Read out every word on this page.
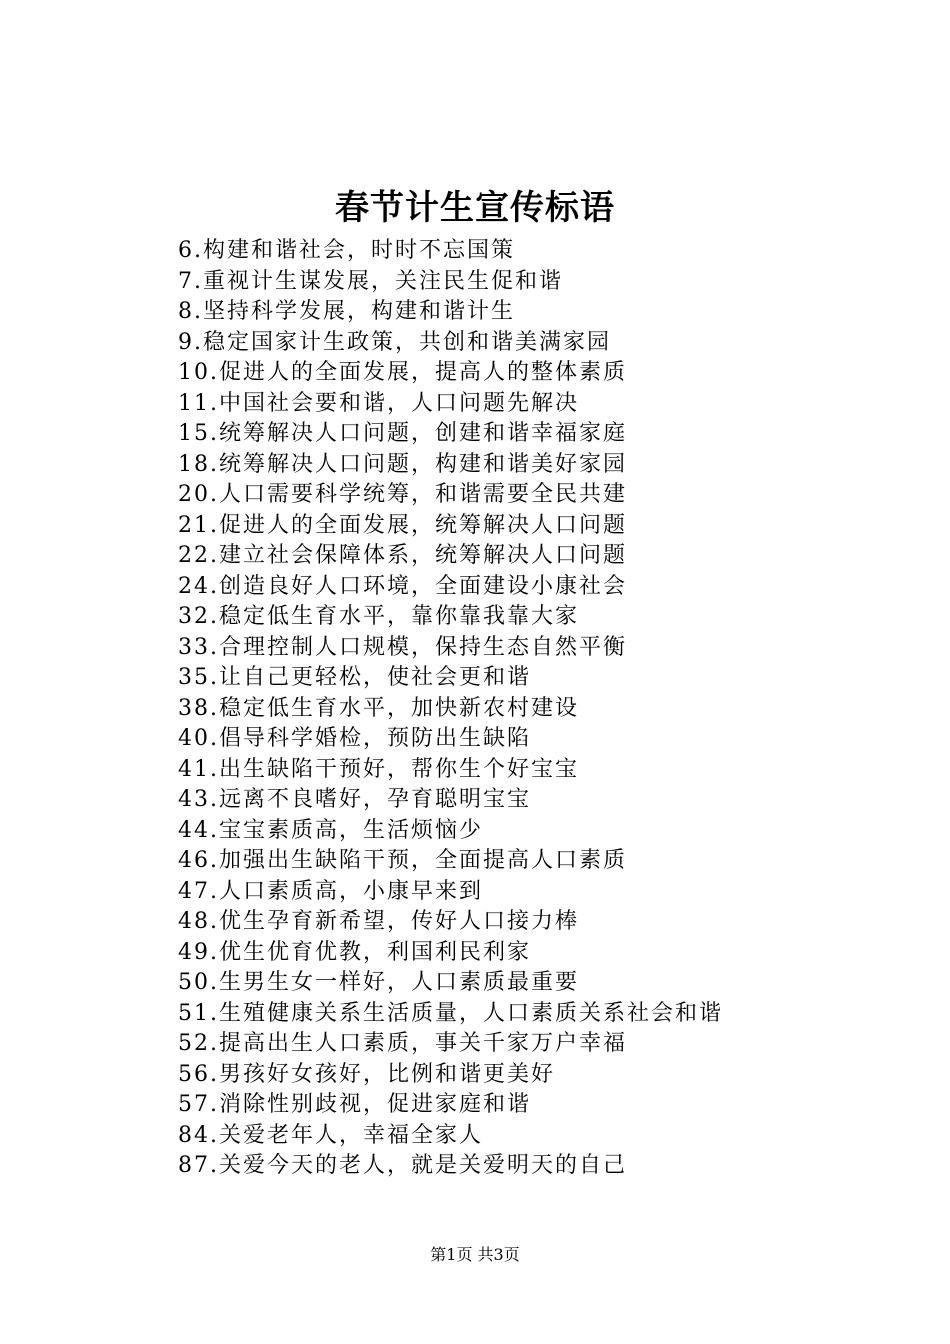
春节计生宣传标语
6.构建和谐社会，时时不忘国策
7.重视计生谋发展，关注民生促和谐
8.坚持科学发展，构建和谐计生
9.稳定国家计生政策，共创和谐美满家园
10.促进人的全面发展，提高人的整体素质
11.中国社会要和谐，人口问题先解决
15.统筹解决人口问题，创建和谐幸福家庭
18.统筹解决人口问题，构建和谐美好家园
20.人口需要科学统筹，和谐需要全民共建
21.促进人的全面发展，统筹解决人口问题
22.建立社会保障体系，统筹解决人口问题
24.创造良好人口环境，全面建设小康社会
32.稳定低生育水平，靠你靠我靠大家
33.合理控制人口规模，保持生态自然平衡
35.让自己更轻松，使社会更和谐
38.稳定低生育水平，加快新农村建设
40.倡导科学婚检，预防出生缺陷
41.出生缺陷干预好，帮你生个好宝宝
43.远离不良嗜好，孕育聪明宝宝
44.宝宝素质高，生活烦恼少
46.加强出生缺陷干预，全面提高人口素质
47.人口素质高，小康早来到
48.优生孕育新希望，传好人口接力棒
49.优生优育优教，利国利民利家
50.生男生女一样好，人口素质最重要
51.生殖健康关系生活质量，人口素质关系社会和谐
52.提高出生人口素质，事关千家万户幸福
56.男孩好女孩好，比例和谐更美好
57.消除性别歧视，促进家庭和谐
84.关爱老年人，幸福全家人
87.关爱今天的老人，就是关爱明天的自己
第1页 共3页
